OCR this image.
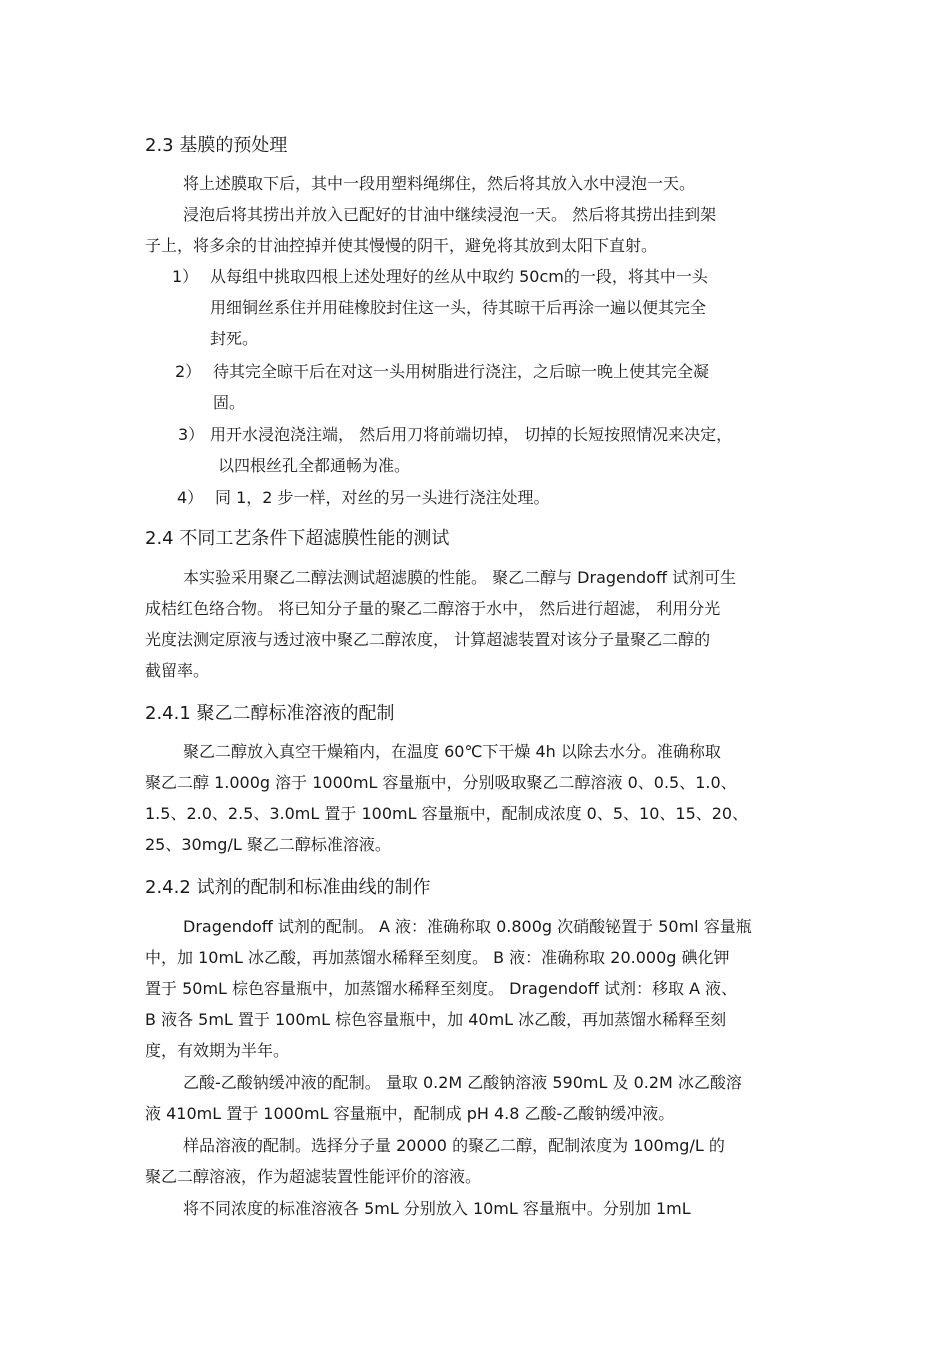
2.3 基膜的预处理
将上述膜取下后，其中一段用塑料绳绑住，然后将其放入水中浸泡一天。
浸泡后将其捞出并放入已配好的甘油中继续浸泡一天。 然后将其捞出挂到架
子上，将多余的甘油控掉并使其慢慢的阴干，避免将其放到太阳下直射。
1） 从每组中挑取四根上述处理好的丝从中取约 50cm的一段，将其中一头
用细铜丝系住并用硅橡胶封住这一头，待其晾干后再涂一遍以便其完全
封死。
2） 待其完全晾干后在对这一头用树脂进行浇注，之后晾一晚上使其完全凝
固。
3） 用开水浸泡浇注端， 然后用刀将前端切掉， 切掉的长短按照情况来决定，
以四根丝孔全都通畅为准。
4） 同 1，2 步一样，对丝的另一头进行浇注处理。
2.4 不同工艺条件下超滤膜性能的测试
本实验采用聚乙二醇法测试超滤膜的性能。 聚乙二醇与 Dragendoff 试剂可生
成桔红色络合物。 将已知分子量的聚乙二醇溶于水中， 然后进行超滤， 利用分光
光度法测定原液与透过液中聚乙二醇浓度， 计算超滤装置对该分子量聚乙二醇的
截留率。
2.4.1 聚乙二醇标准溶液的配制
聚乙二醇放入真空干燥箱内，在温度 60℃下干燥 4h 以除去水分。准确称取
聚乙二醇 1.000g 溶于 1000mL 容量瓶中，分别吸取聚乙二醇溶液 0、0.5、1.0、
1.5、2.0、2.5、3.0mL 置于 100mL 容量瓶中，配制成浓度 0、5、10、15、20、
25、30mg/L 聚乙二醇标准溶液。
2.4.2 试剂的配制和标准曲线的制作
Dragendoff 试剂的配制。 A 液：准确称取 0.800g 次硝酸铋置于 50ml 容量瓶
中，加 10mL 冰乙酸，再加蒸馏水稀释至刻度。 B 液：准确称取 20.000g 碘化钾
置于 50mL 棕色容量瓶中，加蒸馏水稀释至刻度。 Dragendoff 试剂：移取 A 液、
B 液各 5mL 置于 100mL 棕色容量瓶中，加 40mL 冰乙酸，再加蒸馏水稀释至刻
度，有效期为半年。
乙酸-乙酸钠缓冲液的配制。 量取 0.2M 乙酸钠溶液 590mL 及 0.2M 冰乙酸溶
液 410mL 置于 1000mL 容量瓶中，配制成 pH 4.8 乙酸-乙酸钠缓冲液。
样品溶液的配制。选择分子量 20000 的聚乙二醇，配制浓度为 100mg/L 的
聚乙二醇溶液，作为超滤装置性能评价的溶液。
将不同浓度的标准溶液各 5mL 分别放入 10mL 容量瓶中。分别加 1mL
